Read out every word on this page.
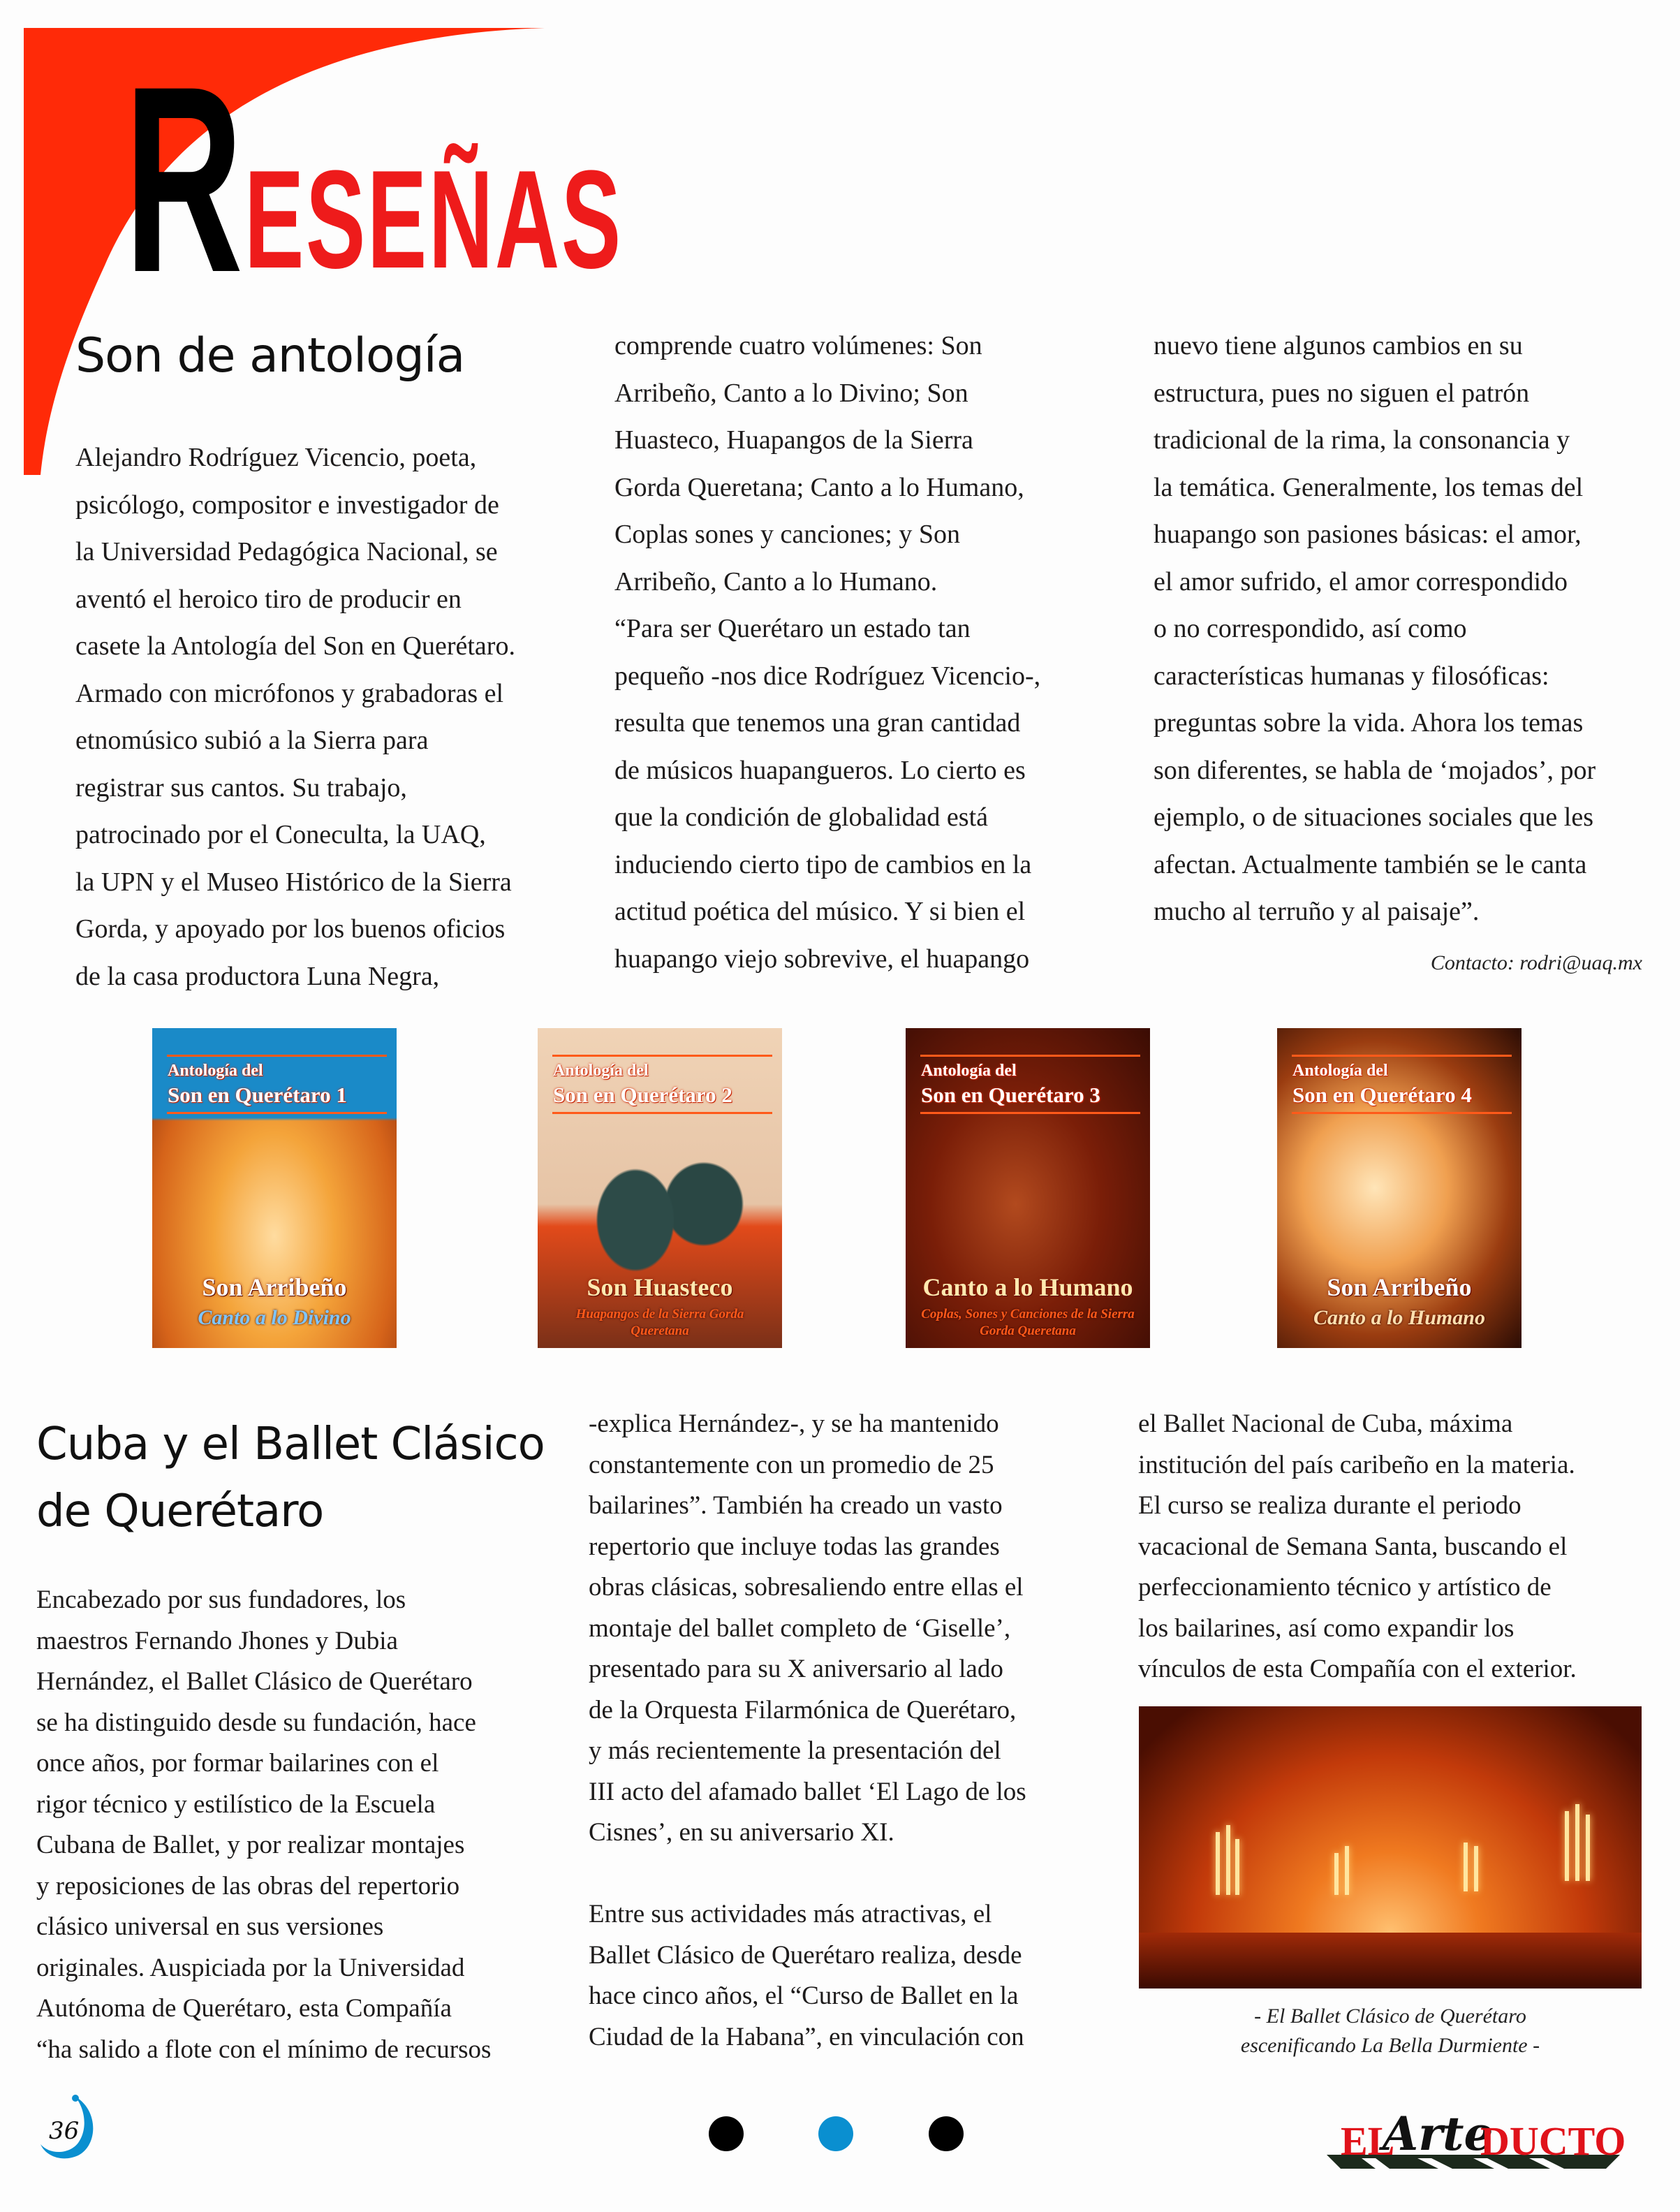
R ESEÑAS
Son de antología
Alejandro Rodríguez Vicencio, poeta,
psicólogo, compositor e investigador de
la Universidad Pedagógica Nacional, se
aventó el heroico tiro de producir en
casete la Antología del Son en Querétaro.
Armado con micrófonos y grabadoras el
etnomúsico subió a la Sierra para
registrar sus cantos. Su trabajo,
patrocinado por el Coneculta, la UAQ,
la UPN y el Museo Histórico de la Sierra
Gorda, y apoyado por los buenos oficios
de la casa productora Luna Negra,
comprende cuatro volúmenes: Son
Arribeño, Canto a lo Divino; Son
Huasteco, Huapangos de la Sierra
Gorda Queretana; Canto a lo Humano,
Coplas sones y canciones; y Son
Arribeño, Canto a lo Humano.
“Para ser Querétaro un estado tan
pequeño -nos dice Rodríguez Vicencio-,
resulta que tenemos una gran cantidad
de músicos huapangueros. Lo cierto es
que la condición de globalidad está
induciendo cierto tipo de cambios en la
actitud poética del músico. Y si bien el
huapango viejo sobrevive, el huapango
nuevo tiene algunos cambios en su
estructura, pues no siguen el patrón
tradicional de la rima, la consonancia y
la temática. Generalmente, los temas del
huapango son pasiones básicas: el amor,
el amor sufrido, el amor correspondido
o no correspondido, así como
características humanas y filosóficas:
preguntas sobre la vida. Ahora los temas
son diferentes, se habla de ‘mojados’, por
ejemplo, o de situaciones sociales que les
afectan. Actualmente también se le canta
mucho al terruño y al paisaje”.
Contacto: rodri@uaq.mx
Antología del
Son en Querétaro 1
Son Arribeño
Canto a lo Divino
Antología del
Son en Querétaro 2
Son Huasteco
Huapangos de la Sierra Gorda Queretana
Antología del
Son en Querétaro 3
Canto a lo Humano
Coplas, Sones y Canciones de la Sierra Gorda Queretana
Antología del
Son en Querétaro 4
Son Arribeño
Canto a lo Humano
Cuba y el Ballet Clásico
de Querétaro
Encabezado por sus fundadores, los
maestros Fernando Jhones y Dubia
Hernández, el Ballet Clásico de Querétaro
se ha distinguido desde su fundación, hace
once años, por formar bailarines con el
rigor técnico y estilístico de la Escuela
Cubana de Ballet, y por realizar montajes
y reposiciones de las obras del repertorio
clásico universal en sus versiones
originales. Auspiciada por la Universidad
Autónoma de Querétaro, esta Compañía
“ha salido a flote con el mínimo de recursos
-explica Hernández-, y se ha mantenido
constantemente con un promedio de 25
bailarines”. También ha creado un vasto
repertorio que incluye todas las grandes
obras clásicas, sobresaliendo entre ellas el
montaje del ballet completo de ‘Giselle’,
presentado para su X aniversario al lado
de la Orquesta Filarmónica de Querétaro,
y más recientemente la presentación del
III acto del afamado ballet ‘El Lago de los
Cisnes’, en su aniversario XI.
Entre sus actividades más atractivas, el
Ballet Clásico de Querétaro realiza, desde
hace cinco años, el “Curso de Ballet en la
Ciudad de la Habana”, en vinculación con
el Ballet Nacional de Cuba, máxima
institución del país caribeño en la materia.
El curso se realiza durante el periodo
vacacional de Semana Santa, buscando el
perfeccionamiento técnico y artístico de
los bailarines, así como expandir los
vínculos de esta Compañía con el exterior.
- El Ballet Clásico de Querétaro
escenificando La Bella Durmiente -
36	EL
Arte
DUCTO
